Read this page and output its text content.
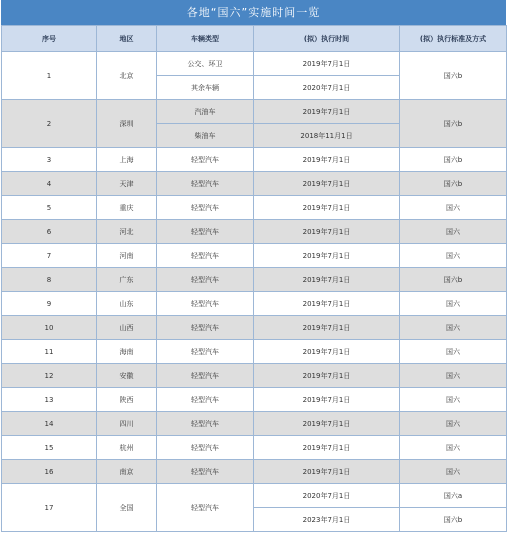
各地“国六”实施时间一览
序号	地区	车辆类型	(拟）执行时间	(拟）执行标准及方式
1	北京	公交、环卫	2019年7月1日	国六b
		其余车辆	2020年7月1日	
2	深圳	汽油车	2019年7月1日	国六b
		柴油车	2018年11月1日	
3	上海	轻型汽车	2019年7月1日	国六b
4	天津	轻型汽车	2019年7月1日	国六b
5	重庆	轻型汽车	2019年7月1日	国六
6	河北	轻型汽车	2019年7月1日	国六
7	河南	轻型汽车	2019年7月1日	国六
8	广东	轻型汽车	2019年7月1日	国六b
9	山东	轻型汽车	2019年7月1日	国六
10	山西	轻型汽车	2019年7月1日	国六
11	海南	轻型汽车	2019年7月1日	国六
12	安徽	轻型汽车	2019年7月1日	国六
13	陕西	轻型汽车	2019年7月1日	国六
14	四川	轻型汽车	2019年7月1日	国六
15	杭州	轻型汽车	2019年7月1日	国六
16	南京	轻型汽车	2019年7月1日	国六
17	全国	轻型汽车	2020年7月1日	国六a
			2023年7月1日	国六b
